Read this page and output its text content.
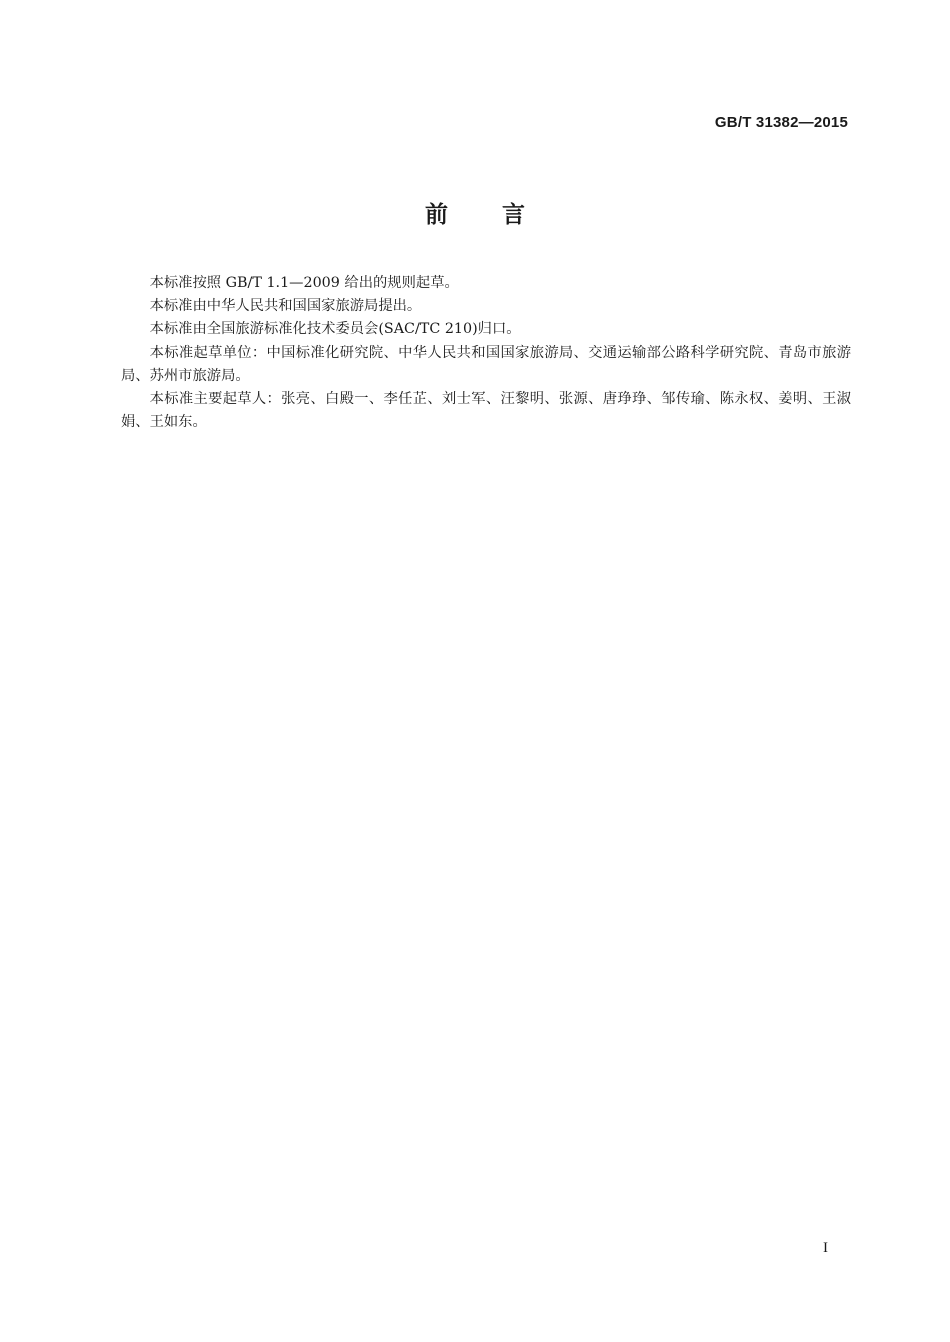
GB/T 31382—2015
前言

本标准按照 GB/T 1.1—2009 给出的规则起草。

本标准由中华人民共和国国家旅游局提出。

本标准由全国旅游标准化技术委员会(SAC/TC 210)归口。

本标准起草单位：中国标准化研究院、中华人民共和国国家旅游局、交通运输部公路科学研究院、青岛市旅游局、苏州市旅游局。

本标准主要起草人：张亮、白殿一、李任芷、刘士军、汪黎明、张源、唐琤琤、邹传瑜、陈永权、姜明、王淑娟、王如东。

I
